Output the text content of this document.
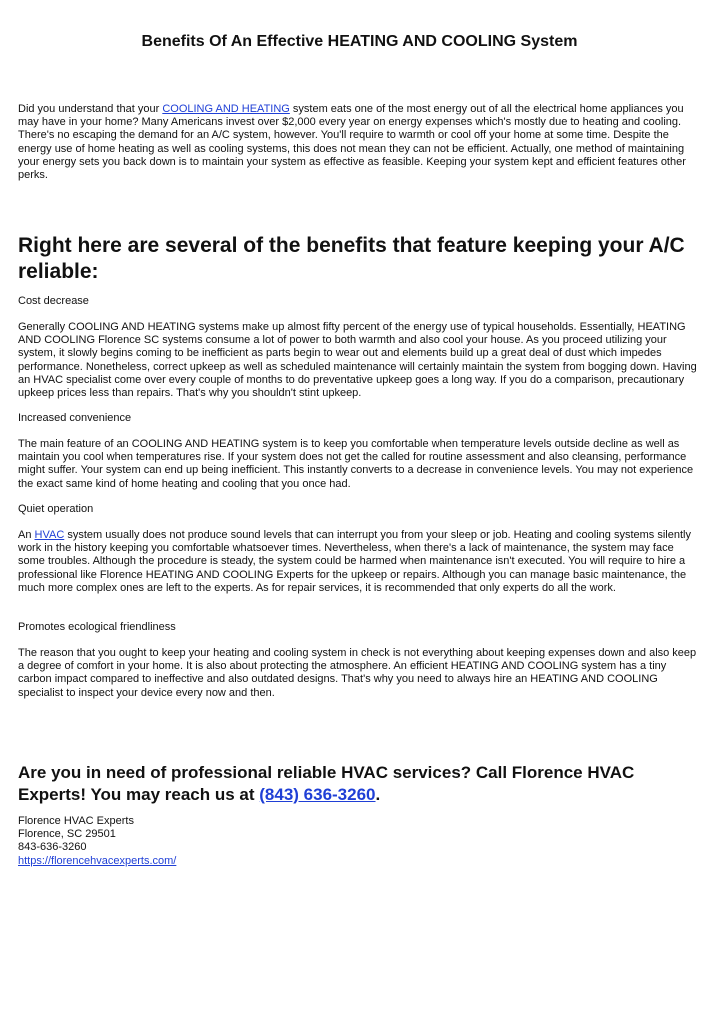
Benefits Of An Effective HEATING AND COOLING System

Did you understand that your COOLING AND HEATING system eats one of the most energy out of all the electrical home appliances you may have in your home? Many Americans invest over $2,000 every year on energy expenses which's mostly due to heating and cooling. There's no escaping the demand for an A/C system, however. You'll require to warmth or cool off your home at some time. Despite the energy use of home heating as well as cooling systems, this does not mean they can not be efficient. Actually, one method of maintaining your energy sets you back down is to maintain your system as effective as feasible. Keeping your system kept and efficient features other perks.

Right here are several of the benefits that feature keeping your A/C reliable:

Cost decrease

Generally COOLING AND HEATING systems make up almost fifty percent of the energy use of typical households. Essentially, HEATING AND COOLING Florence SC systems consume a lot of power to both warmth and also cool your house. As you proceed utilizing your system, it slowly begins coming to be inefficient as parts begin to wear out and elements build up a great deal of dust which impedes performance. Nonetheless, correct upkeep as well as scheduled maintenance will certainly maintain the system from bogging down. Having an HVAC specialist come over every couple of months to do preventative upkeep goes a long way. If you do a comparison, precautionary upkeep prices less than repairs. That's why you shouldn't stint upkeep.

Increased convenience

The main feature of an COOLING AND HEATING system is to keep you comfortable when temperature levels outside decline as well as maintain you cool when temperatures rise. If your system does not get the called for routine assessment and also cleansing, performance might suffer. Your system can end up being inefficient. This instantly converts to a decrease in convenience levels. You may not experience the exact same kind of home heating and cooling that you once had.

Quiet operation

An HVAC system usually does not produce sound levels that can interrupt you from your sleep or job. Heating and cooling systems silently work in the history keeping you comfortable whatsoever times. Nevertheless, when there's a lack of maintenance, the system may face some troubles. Although the procedure is steady, the system could be harmed when maintenance isn't executed. You will require to hire a professional like Florence HEATING AND COOLING Experts for the upkeep or repairs. Although you can manage basic maintenance, the much more complex ones are left to the experts. As for repair services, it is recommended that only experts do all the work.

Promotes ecological friendliness

The reason that you ought to keep your heating and cooling system in check is not everything about keeping expenses down and also keep a degree of comfort in your home. It is also about protecting the atmosphere. An efficient HEATING AND COOLING system has a tiny carbon impact compared to ineffective and also outdated designs. That's why you need to always hire an HEATING AND COOLING specialist to inspect your device every now and then.

Are you in need of professional reliable HVAC services? Call Florence HVAC Experts! You may reach us at (843) 636-3260.
Florence HVAC Experts
Florence, SC 29501
843-636-3260
https://florencehvacexperts.com/
